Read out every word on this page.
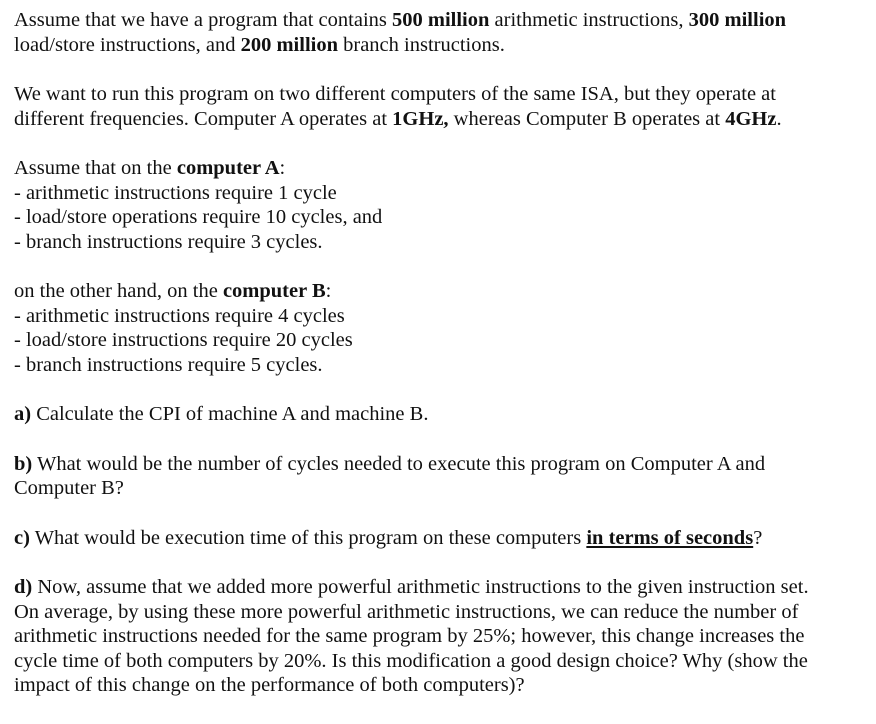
Assume that we have a program that contains 500 million arithmetic instructions, 300 million
load/store instructions, and 200 million branch instructions.
We want to run this program on two different computers of the same ISA, but they operate at
different frequencies. Computer A operates at 1GHz, whereas Computer B operates at 4GHz.
Assume that on the computer A:
- arithmetic instructions require 1 cycle
- load/store operations require 10 cycles, and
- branch instructions require 3 cycles.
on the other hand, on the computer B:
- arithmetic instructions require 4 cycles
- load/store instructions require 20 cycles
- branch instructions require 5 cycles.
a) Calculate the CPI of machine A and machine B.
b) What would be the number of cycles needed to execute this program on Computer A and
Computer B?
c) What would be execution time of this program on these computers in terms of seconds?
d) Now, assume that we added more powerful arithmetic instructions to the given instruction set.
On average, by using these more powerful arithmetic instructions, we can reduce the number of
arithmetic instructions needed for the same program by 25%; however, this change increases the
cycle time of both computers by 20%. Is this modification a good design choice? Why (show the
impact of this change on the performance of both computers)?
